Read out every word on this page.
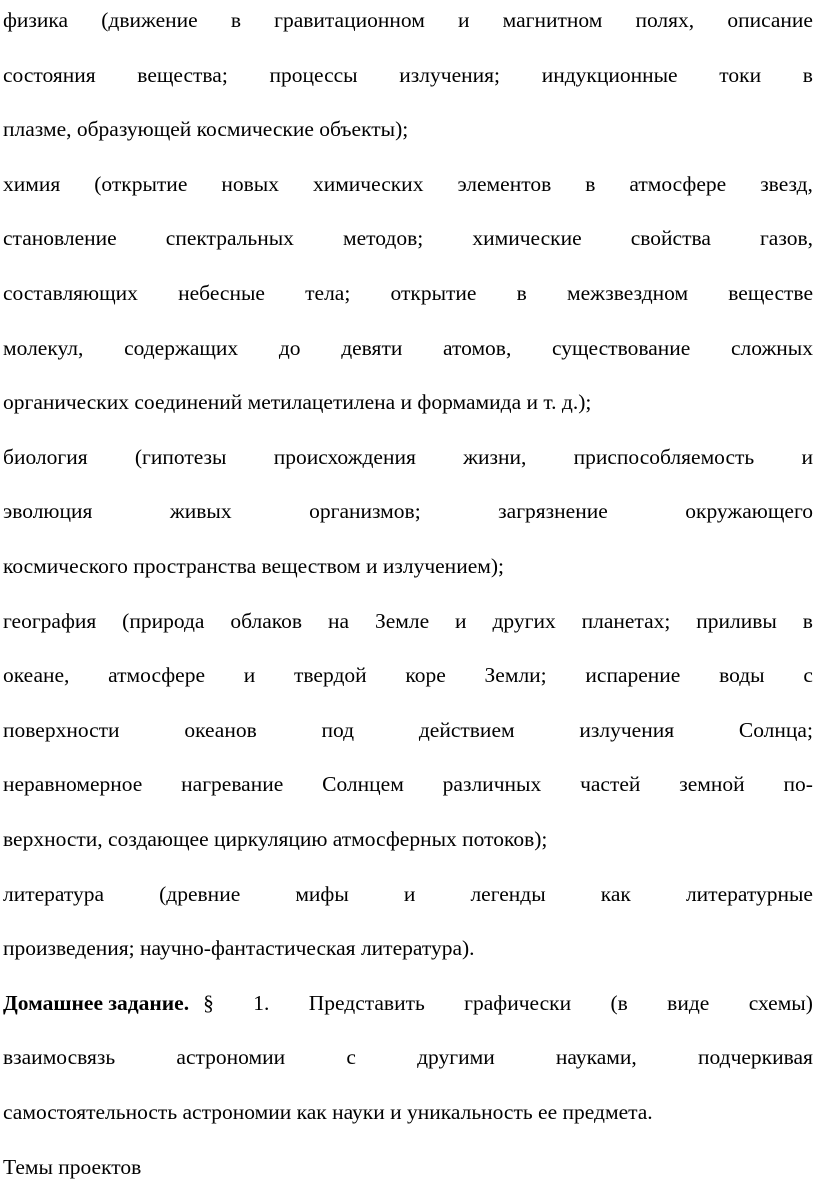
физика (движение в гравитационном и магнитном полях, описание
состояния вещества; процессы излучения; индукционные токи в
плазме, образующей космические объекты);
химия (открытие новых химических элементов в атмосфере звезд,
становление спектральных методов; химические свойства газов,
составляющих небесные тела; открытие в межзвездном веществе
молекул, содержащих до девяти атомов, существование сложных
органических соединений метилацетилена и формамида и т. д.);
биология (гипотезы происхождения жизни, приспособляемость и
эволюция	живых	организмов;	загрязнение	окружающего
космического пространства веществом и излучением);
география (природа облаков на Земле и других планетах; приливы в
океане, атмосфере и твердой коре Земли; испарение воды с
поверхности	океанов	под	действием	излучения	Солнца;
неравномерное нагревание Солнцем различных частей земной по-
верхности, создающее циркуляцию атмосферных потоков);
литература	(древние	мифы	и	легенды	как	литературные
произведения; научно-фантастическая литература).
Домашнее задание. § 1. Представить графически (в виде схемы)
взаимосвязь	астрономии	с	другими	науками,	подчеркивая
самостоятельность астрономии как науки и уникальность ее предмета.
Темы проектов
